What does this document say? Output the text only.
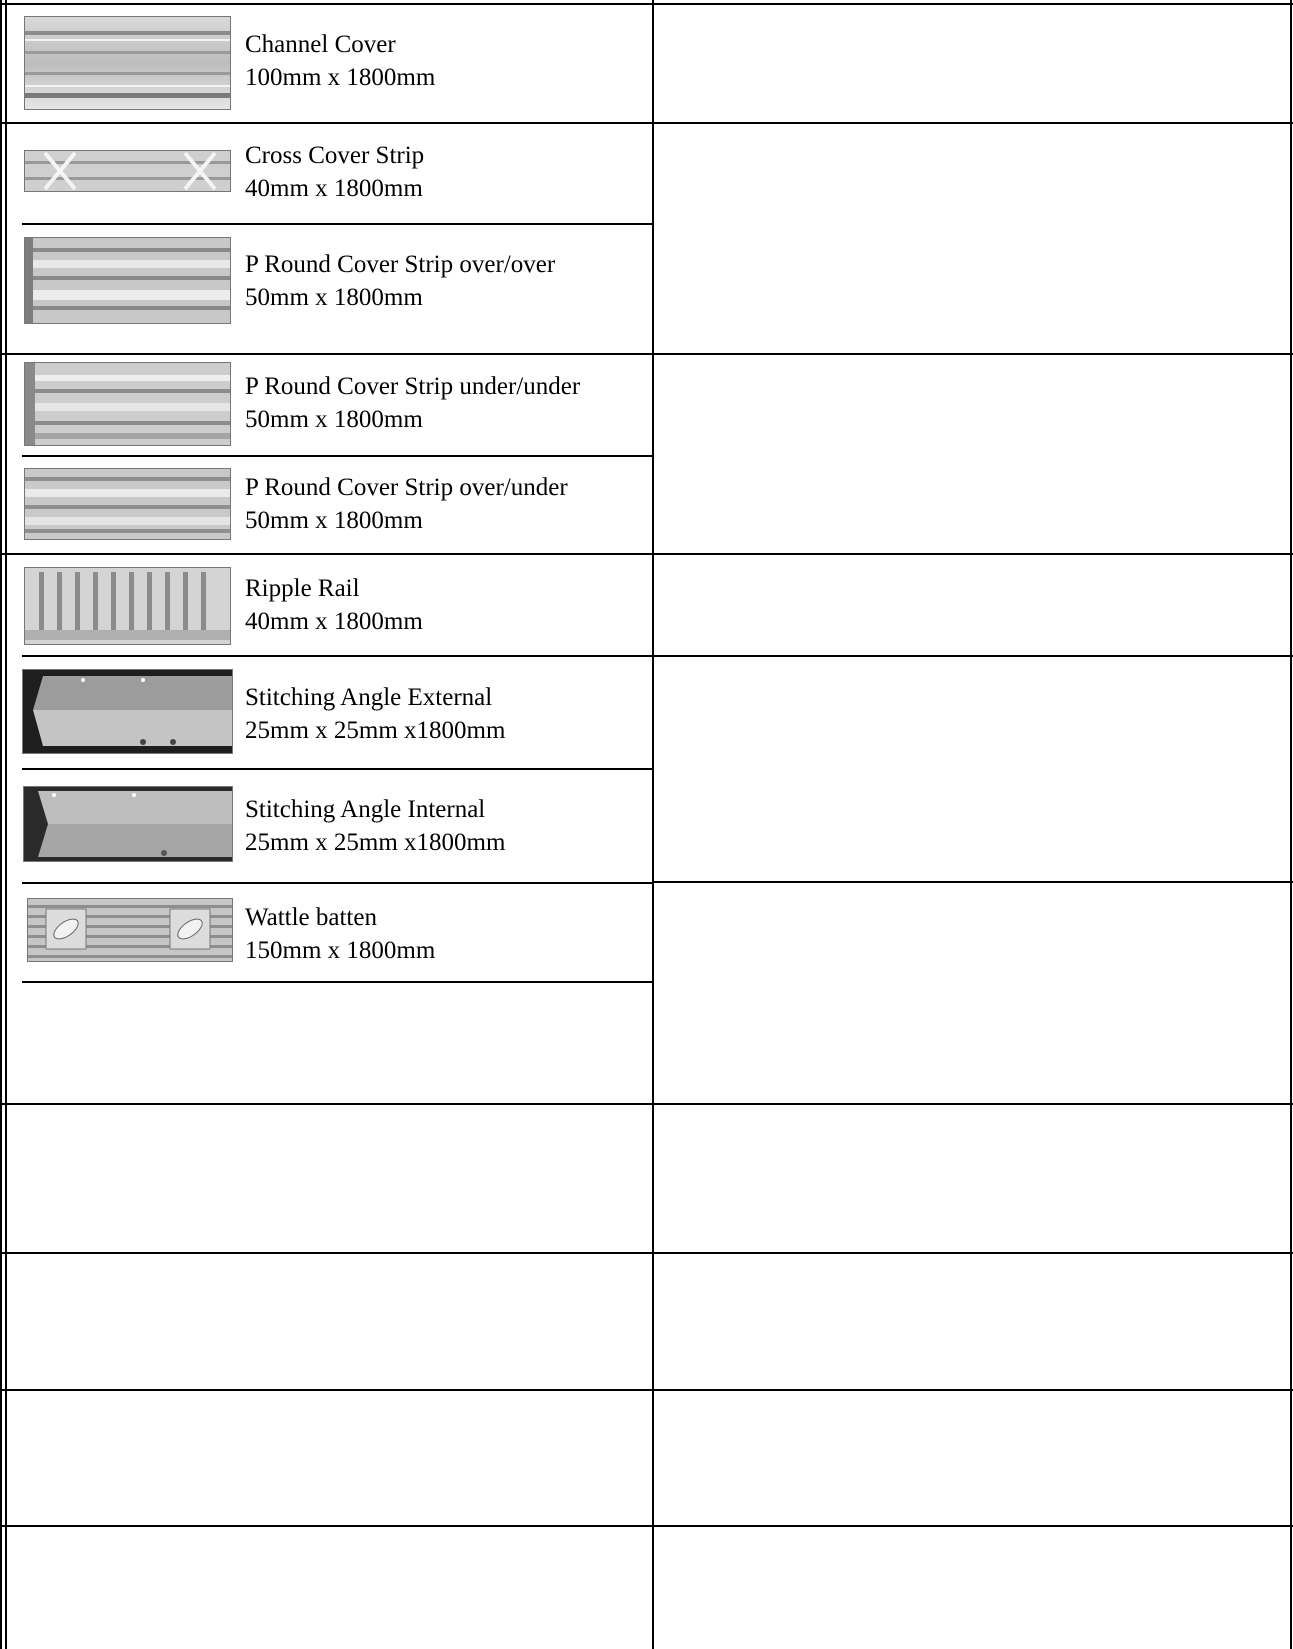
Channel Cover
100mm x 1800mm
Cross Cover Strip
40mm x 1800mm
P Round Cover Strip over/over
50mm x 1800mm
P Round Cover Strip under/under
50mm x 1800mm
P Round Cover Strip over/under
50mm x 1800mm
Ripple Rail
40mm x 1800mm
Stitching Angle External
25mm x 25mm x1800mm
Stitching Angle Internal
25mm x 25mm x1800mm
Wattle batten
150mm x 1800mm
